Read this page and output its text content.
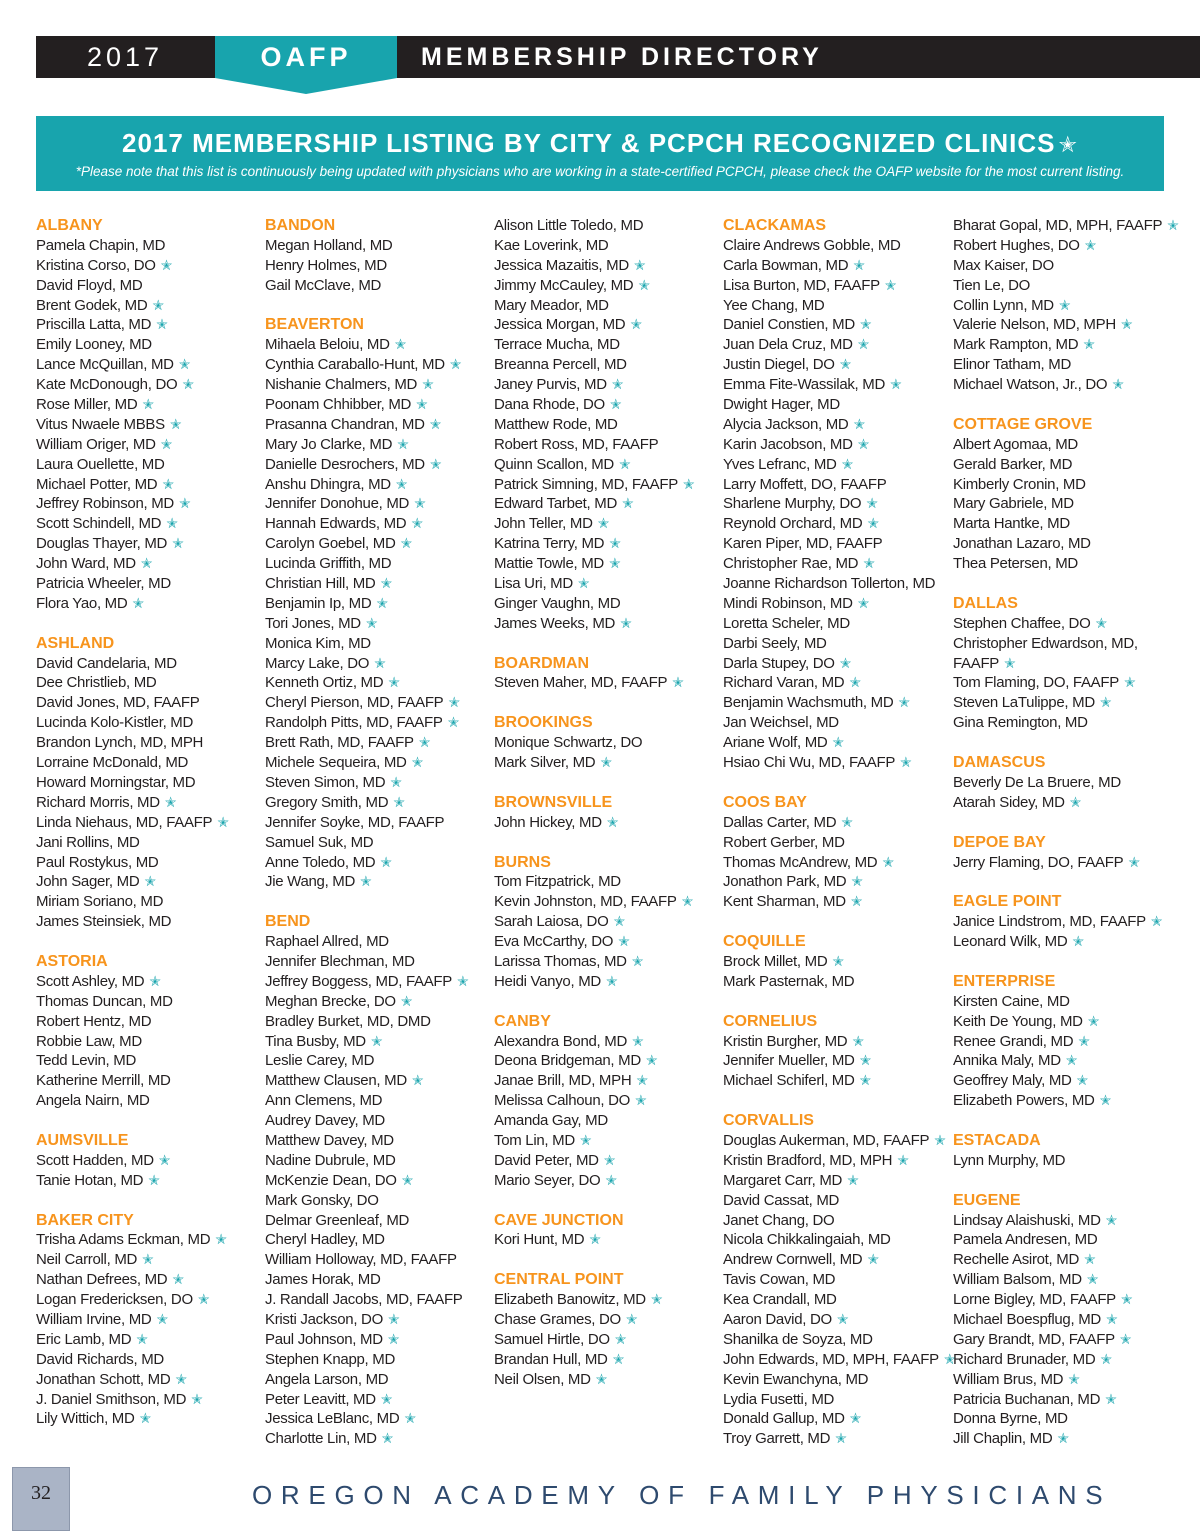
2017	OAFP	MEMBERSHIP DIRECTORY
2017 MEMBERSHIP LISTING BY CITY & PCPCH RECOGNIZED CLINICS ✭
*Please note that this list is continuously being updated with physicians who are working in a state-certified PCPCH, please check the OAFP website for the most current listing.
ALBANY
Pamela Chapin, MD
Kristina Corso, DO ✭
David Floyd, MD
Brent Godek, MD ✭
Priscilla Latta, MD ✭
Emily Looney, MD
Lance McQuillan, MD ✭
Kate McDonough, DO ✭
Rose Miller, MD ✭
Vitus Nwaele MBBS ✭
William Origer, MD ✭
Laura Ouellette, MD
Michael Potter, MD ✭
Jeffrey Robinson, MD ✭
Scott Schindell, MD ✭
Douglas Thayer, MD ✭
John Ward, MD ✭
Patricia Wheeler, MD
Flora Yao, MD ✭

ASHLAND
David Candelaria, MD
Dee Christlieb, MD
David Jones, MD, FAAFP
Lucinda Kolo-Kistler, MD
Brandon Lynch, MD, MPH
Lorraine McDonald, MD
Howard Morningstar, MD
Richard Morris, MD ✭
Linda Niehaus, MD, FAAFP ✭
Jani Rollins, MD
Paul Rostykus, MD
John Sager, MD ✭
Miriam Soriano, MD
James Steinsiek, MD

ASTORIA
Scott Ashley, MD ✭
Thomas Duncan, MD
Robert Hentz, MD
Robbie Law, MD
Tedd Levin, MD
Katherine Merrill, MD
Angela Nairn, MD

AUMSVILLE
Scott Hadden, MD ✭
Tanie Hotan, MD ✭

BAKER CITY
Trisha Adams Eckman, MD ✭
Neil Carroll, MD ✭
Nathan Defrees, MD ✭
Logan Fredericksen, DO ✭
William Irvine, MD ✭
Eric Lamb, MD ✭
David Richards, MD
Jonathan Schott, MD ✭
J. Daniel Smithson, MD ✭
Lily Wittich, MD ✭
BANDON
Megan Holland, MD
Henry Holmes, MD
Gail McClave, MD

BEAVERTON
Mihaela Beloiu, MD ✭
Cynthia Caraballo-Hunt, MD ✭
Nishanie Chalmers, MD ✭
Poonam Chhibber, MD ✭
Prasanna Chandran, MD ✭
Mary Jo Clarke, MD ✭
Danielle Desrochers, MD ✭
Anshu Dhingra, MD ✭
Jennifer Donohue, MD ✭
Hannah Edwards, MD ✭
Carolyn Goebel, MD ✭
Lucinda Griffith, MD
Christian Hill, MD ✭
Benjamin Ip, MD ✭
Tori Jones, MD ✭
Monica Kim, MD
Marcy Lake, DO ✭
Kenneth Ortiz, MD ✭
Cheryl Pierson, MD, FAAFP ✭
Randolph Pitts, MD, FAAFP ✭
Brett Rath, MD, FAAFP ✭
Michele Sequeira, MD ✭
Steven Simon, MD ✭
Gregory Smith, MD ✭
Jennifer Soyke, MD, FAAFP
Samuel Suk, MD
Anne Toledo, MD ✭
Jie Wang, MD ✭

BEND
Raphael Allred, MD
Jennifer Blechman, MD
Jeffrey Boggess, MD, FAAFP ✭
Meghan Brecke, DO ✭
Bradley Burket, MD, DMD
Tina Busby, MD ✭
Leslie Carey, MD
Matthew Clausen, MD ✭
Ann Clemens, MD
Audrey Davey, MD
Matthew Davey, MD
Nadine Dubrule, MD
McKenzie Dean, DO ✭
Mark Gonsky, DO
Delmar Greenleaf, MD
Cheryl Hadley, MD
William Holloway, MD, FAAFP
James Horak, MD
J. Randall Jacobs, MD, FAAFP
Kristi Jackson, DO ✭
Paul Johnson, MD ✭
Stephen Knapp, MD
Angela Larson, MD
Peter Leavitt, MD ✭
Jessica LeBlanc, MD ✭
Charlotte Lin, MD ✭
Alison Little Toledo, MD
Kae Loverink, MD
Jessica Mazaitis, MD ✭
Jimmy McCauley, MD ✭
Mary Meador, MD
Jessica Morgan, MD ✭
Terrace Mucha, MD
Breanna Percell, MD
Janey Purvis, MD ✭
Dana Rhode, DO ✭
Matthew Rode, MD
Robert Ross, MD, FAAFP
Quinn Scallon, MD ✭
Patrick Simning, MD, FAAFP ✭
Edward Tarbet, MD ✭
John Teller, MD ✭
Katrina Terry, MD ✭
Mattie Towle, MD ✭
Lisa Uri, MD ✭
Ginger Vaughn, MD
James Weeks, MD ✭

BOARDMAN
Steven Maher, MD, FAAFP ✭

BROOKINGS
Monique Schwartz, DO
Mark Silver, MD ✭

BROWNSVILLE
John Hickey, MD ✭

BURNS
Tom Fitzpatrick, MD
Kevin Johnston, MD, FAAFP ✭
Sarah Laiosa, DO ✭
Eva McCarthy, DO ✭
Larissa Thomas, MD ✭
Heidi Vanyo, MD ✭

CANBY
Alexandra Bond, MD ✭
Deona Bridgeman, MD ✭
Janae Brill, MD, MPH ✭
Melissa Calhoun, DO ✭
Amanda Gay, MD
Tom Lin, MD ✭
David Peter, MD ✭
Mario Seyer, DO ✭

CAVE JUNCTION
Kori Hunt, MD ✭

CENTRAL POINT
Elizabeth Banowitz, MD ✭
Chase Grames, DO ✭
Samuel Hirtle, DO ✭
Brandan Hull, MD ✭
Neil Olsen, MD ✭
CLACKAMAS
Claire Andrews Gobble, MD
Carla Bowman, MD ✭
Lisa Burton, MD, FAAFP ✭
Yee Chang, MD
Daniel Constien, MD ✭
Juan Dela Cruz, MD ✭
Justin Diegel, DO ✭
Emma Fite-Wassilak, MD ✭
Dwight Hager, MD
Alycia Jackson, MD ✭
Karin Jacobson, MD ✭
Yves Lefranc, MD ✭
Larry Moffett, DO, FAAFP
Sharlene Murphy, DO ✭
Reynold Orchard, MD ✭
Karen Piper, MD, FAAFP
Christopher Rae, MD ✭
Joanne Richardson Tollerton, MD
Mindi Robinson, MD ✭
Loretta Scheler, MD
Darbi Seely, MD
Darla Stupey, DO ✭
Richard Varan, MD ✭
Benjamin Wachsmuth, MD ✭
Jan Weichsel, MD
Ariane Wolf, MD ✭
Hsiao Chi Wu, MD, FAAFP ✭

COOS BAY
Dallas Carter, MD ✭
Robert Gerber, MD
Thomas McAndrew, MD ✭
Jonathon Park, MD ✭
Kent Sharman, MD ✭

COQUILLE
Brock Millet, MD ✭
Mark Pasternak, MD

CORNELIUS
Kristin Burgher, MD ✭
Jennifer Mueller, MD ✭
Michael Schiferl, MD ✭

CORVALLIS
Douglas Aukerman, MD, FAAFP ✭
Kristin Bradford, MD, MPH ✭
Margaret Carr, MD ✭
David Cassat, MD
Janet Chang, DO
Nicola Chikkalingaiah, MD
Andrew Cornwell, MD ✭
Tavis Cowan, MD
Kea Crandall, MD
Aaron David, DO ✭
Shanilka de Soyza, MD
John Edwards, MD, MPH, FAAFP ✭
Kevin Ewanchyna, MD
Lydia Fusetti, MD
Donald Gallup, MD ✭
Troy Garrett, MD ✭
Bharat Gopal, MD, MPH, FAAFP ✭
Robert Hughes, DO ✭
Max Kaiser, DO
Tien Le, DO
Collin Lynn, MD ✭
Valerie Nelson, MD, MPH ✭
Mark Rampton, MD ✭
Elinor Tatham, MD
Michael Watson, Jr., DO ✭

COTTAGE GROVE
Albert Agomaa, MD
Gerald Barker, MD
Kimberly Cronin, MD
Mary Gabriele, MD
Marta Hantke, MD
Jonathan Lazaro, MD
Thea Petersen, MD

DALLAS
Stephen Chaffee, DO ✭
Christopher Edwardson, MD,
FAAFP ✭
Tom Flaming, DO, FAAFP ✭
Steven LaTulippe, MD ✭
Gina Remington, MD

DAMASCUS
Beverly De La Bruere, MD
Atarah Sidey, MD ✭

DEPOE BAY
Jerry Flaming, DO, FAAFP ✭

EAGLE POINT
Janice Lindstrom, MD, FAAFP ✭
Leonard Wilk, MD ✭

ENTERPRISE
Kirsten Caine, MD
Keith De Young, MD ✭
Renee Grandi, MD ✭
Annika Maly, MD ✭
Geoffrey Maly, MD ✭
Elizabeth Powers, MD ✭

ESTACADA
Lynn Murphy, MD

EUGENE
Lindsay Alaishuski, MD ✭
Pamela Andresen, MD
Rechelle Asirot, MD ✭
William Balsom, MD ✭
Lorne Bigley, MD, FAAFP ✭
Michael Boespflug, MD ✭
Gary Brandt, MD, FAAFP ✭
Richard Brunader, MD ✭
William Brus, MD ✭
Patricia Buchanan, MD ✭
Donna Byrne, MD
Jill Chaplin, MD ✭
32	OREGON ACADEMY OF FAMILY PHYSICIANS
